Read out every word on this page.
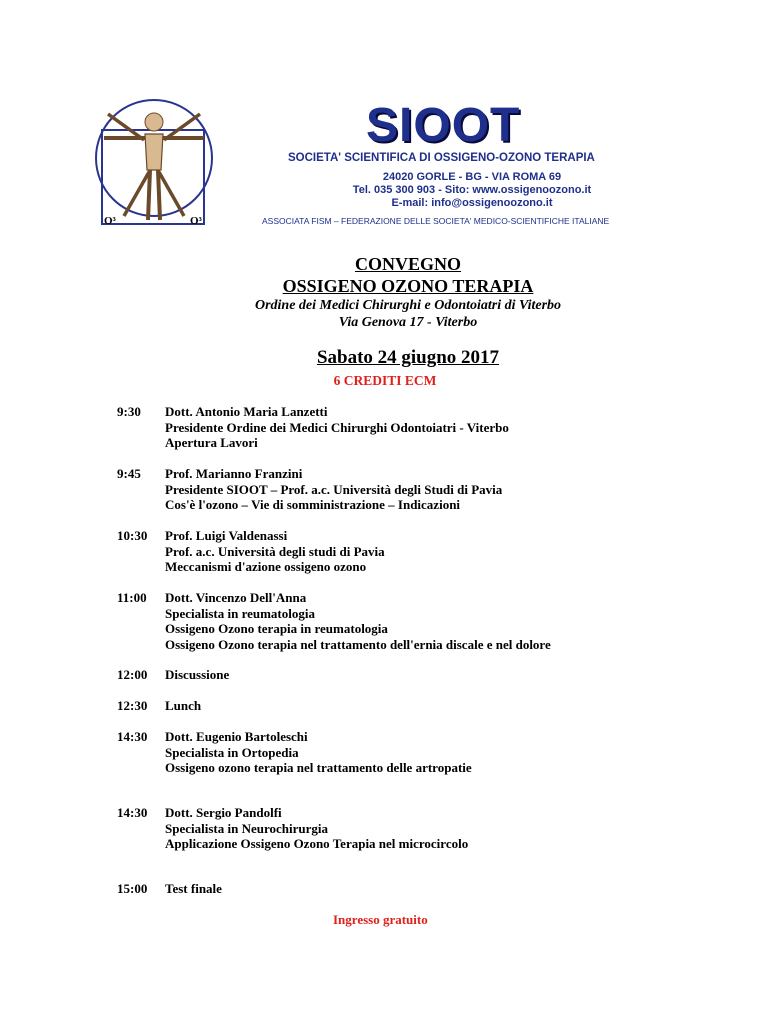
O³	O³
SIOOT
SOCIETA' SCIENTIFICA DI OSSIGENO-OZONO TERAPIA
24020 GORLE - BG - VIA ROMA 69
Tel. 035 300 903 - Sito: www.ossigenoozono.it
E-mail: info@ossigenoozono.it
ASSOCIATA FISM – FEDERAZIONE DELLE SOCIETA' MEDICO-SCIENTIFICHE ITALIANE
CONVEGNO
OSSIGENO OZONO TERAPIA
Ordine dei Medici Chirurghi e Odontoiatri di Viterbo
Via Genova 17 - Viterbo
Sabato 24 giugno 2017
6 CREDITI ECM
9:30 Dott. Antonio Maria Lanzetti
Presidente Ordine dei Medici Chirurghi Odontoiatri - Viterbo
Apertura Lavori
9:45 Prof. Marianno Franzini
Presidente SIOOT – Prof. a.c. Università degli Studi di Pavia
Cos'è l'ozono – Vie di somministrazione – Indicazioni
10:30 Prof. Luigi Valdenassi
Prof. a.c. Università degli studi di Pavia
Meccanismi d'azione ossigeno ozono
11:00 Dott. Vincenzo Dell'Anna
Specialista in reumatologia
Ossigeno Ozono terapia in reumatologia
Ossigeno Ozono terapia nel trattamento dell'ernia discale e nel dolore
12:00 Discussione
12:30 Lunch
14:30 Dott. Eugenio Bartoleschi
Specialista in Ortopedia
Ossigeno ozono terapia nel trattamento delle artropatie
14:30 Dott. Sergio Pandolfi
Specialista in Neurochirurgia
Applicazione Ossigeno Ozono Terapia nel microcircolo
15:00 Test finale
Ingresso gratuito
